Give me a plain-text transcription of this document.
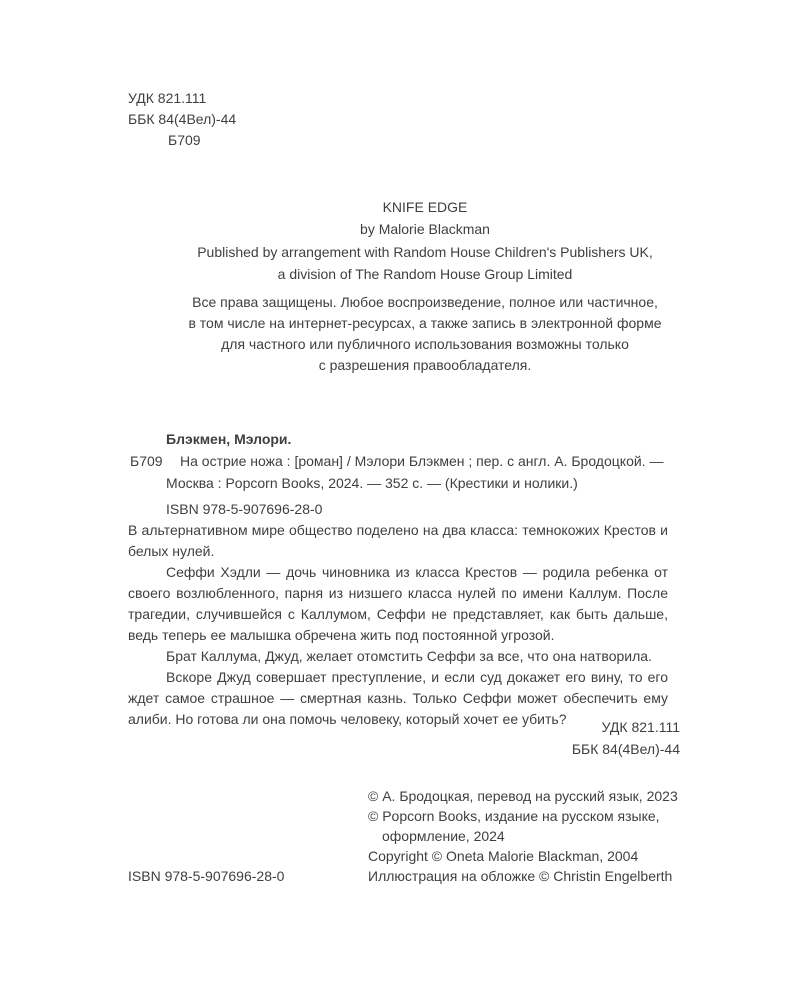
УДК 821.111
ББК 84(4Вел)-44
Б709
KNIFE EDGE
by Malorie Blackman
Published by arrangement with Random House Children's Publishers UK,
a division of The Random House Group Limited
Все права защищены. Любое воспроизведение, полное или частичное,
в том числе на интернет-ресурсах, а также запись в электронной форме
для частного или публичного использования возможны только
с разрешения правообладателя.
Блэкмен, Мэлори.
Б709 На острие ножа : [роман] / Мэлори Блэкмен ; пер. с англ. А. Бродоцкой. —
Москва : Popcorn Books, 2024. — 352 с. — (Крестики и нолики.)
ISBN 978-5-907696-28-0

В альтернативном мире общество поделено на два класса: темнокожих Крестов и белых нулей.

Сеффи Хэдли — дочь чиновника из класса Крестов — родила ребенка от своего возлюбленного, парня из низшего класса нулей по имени Каллум. После трагедии, случившейся с Каллумом, Сеффи не представляет, как быть дальше, ведь теперь ее малышка обречена жить под постоянной угрозой.

Брат Каллума, Джуд, желает отомстить Сеффи за все, что она натворила.

Вскоре Джуд совершает преступление, и если суд докажет его вину, то его ждет самое страшное — смертная казнь. Только Сеффи может обеспечить ему алиби. Но готова ли она помочь человеку, который хочет ее убить?	УДК 821.111
ББК 84(4Вел)-44
© А. Бродоцкая, перевод на русский язык, 2023
© Popcorn Books, издание на русском языке,
оформление, 2024
Copyright © Oneta Malorie Blackman, 2004
Иллюстрация на обложке © Christin Engelberth
ISBN 978-5-907696-28-0
